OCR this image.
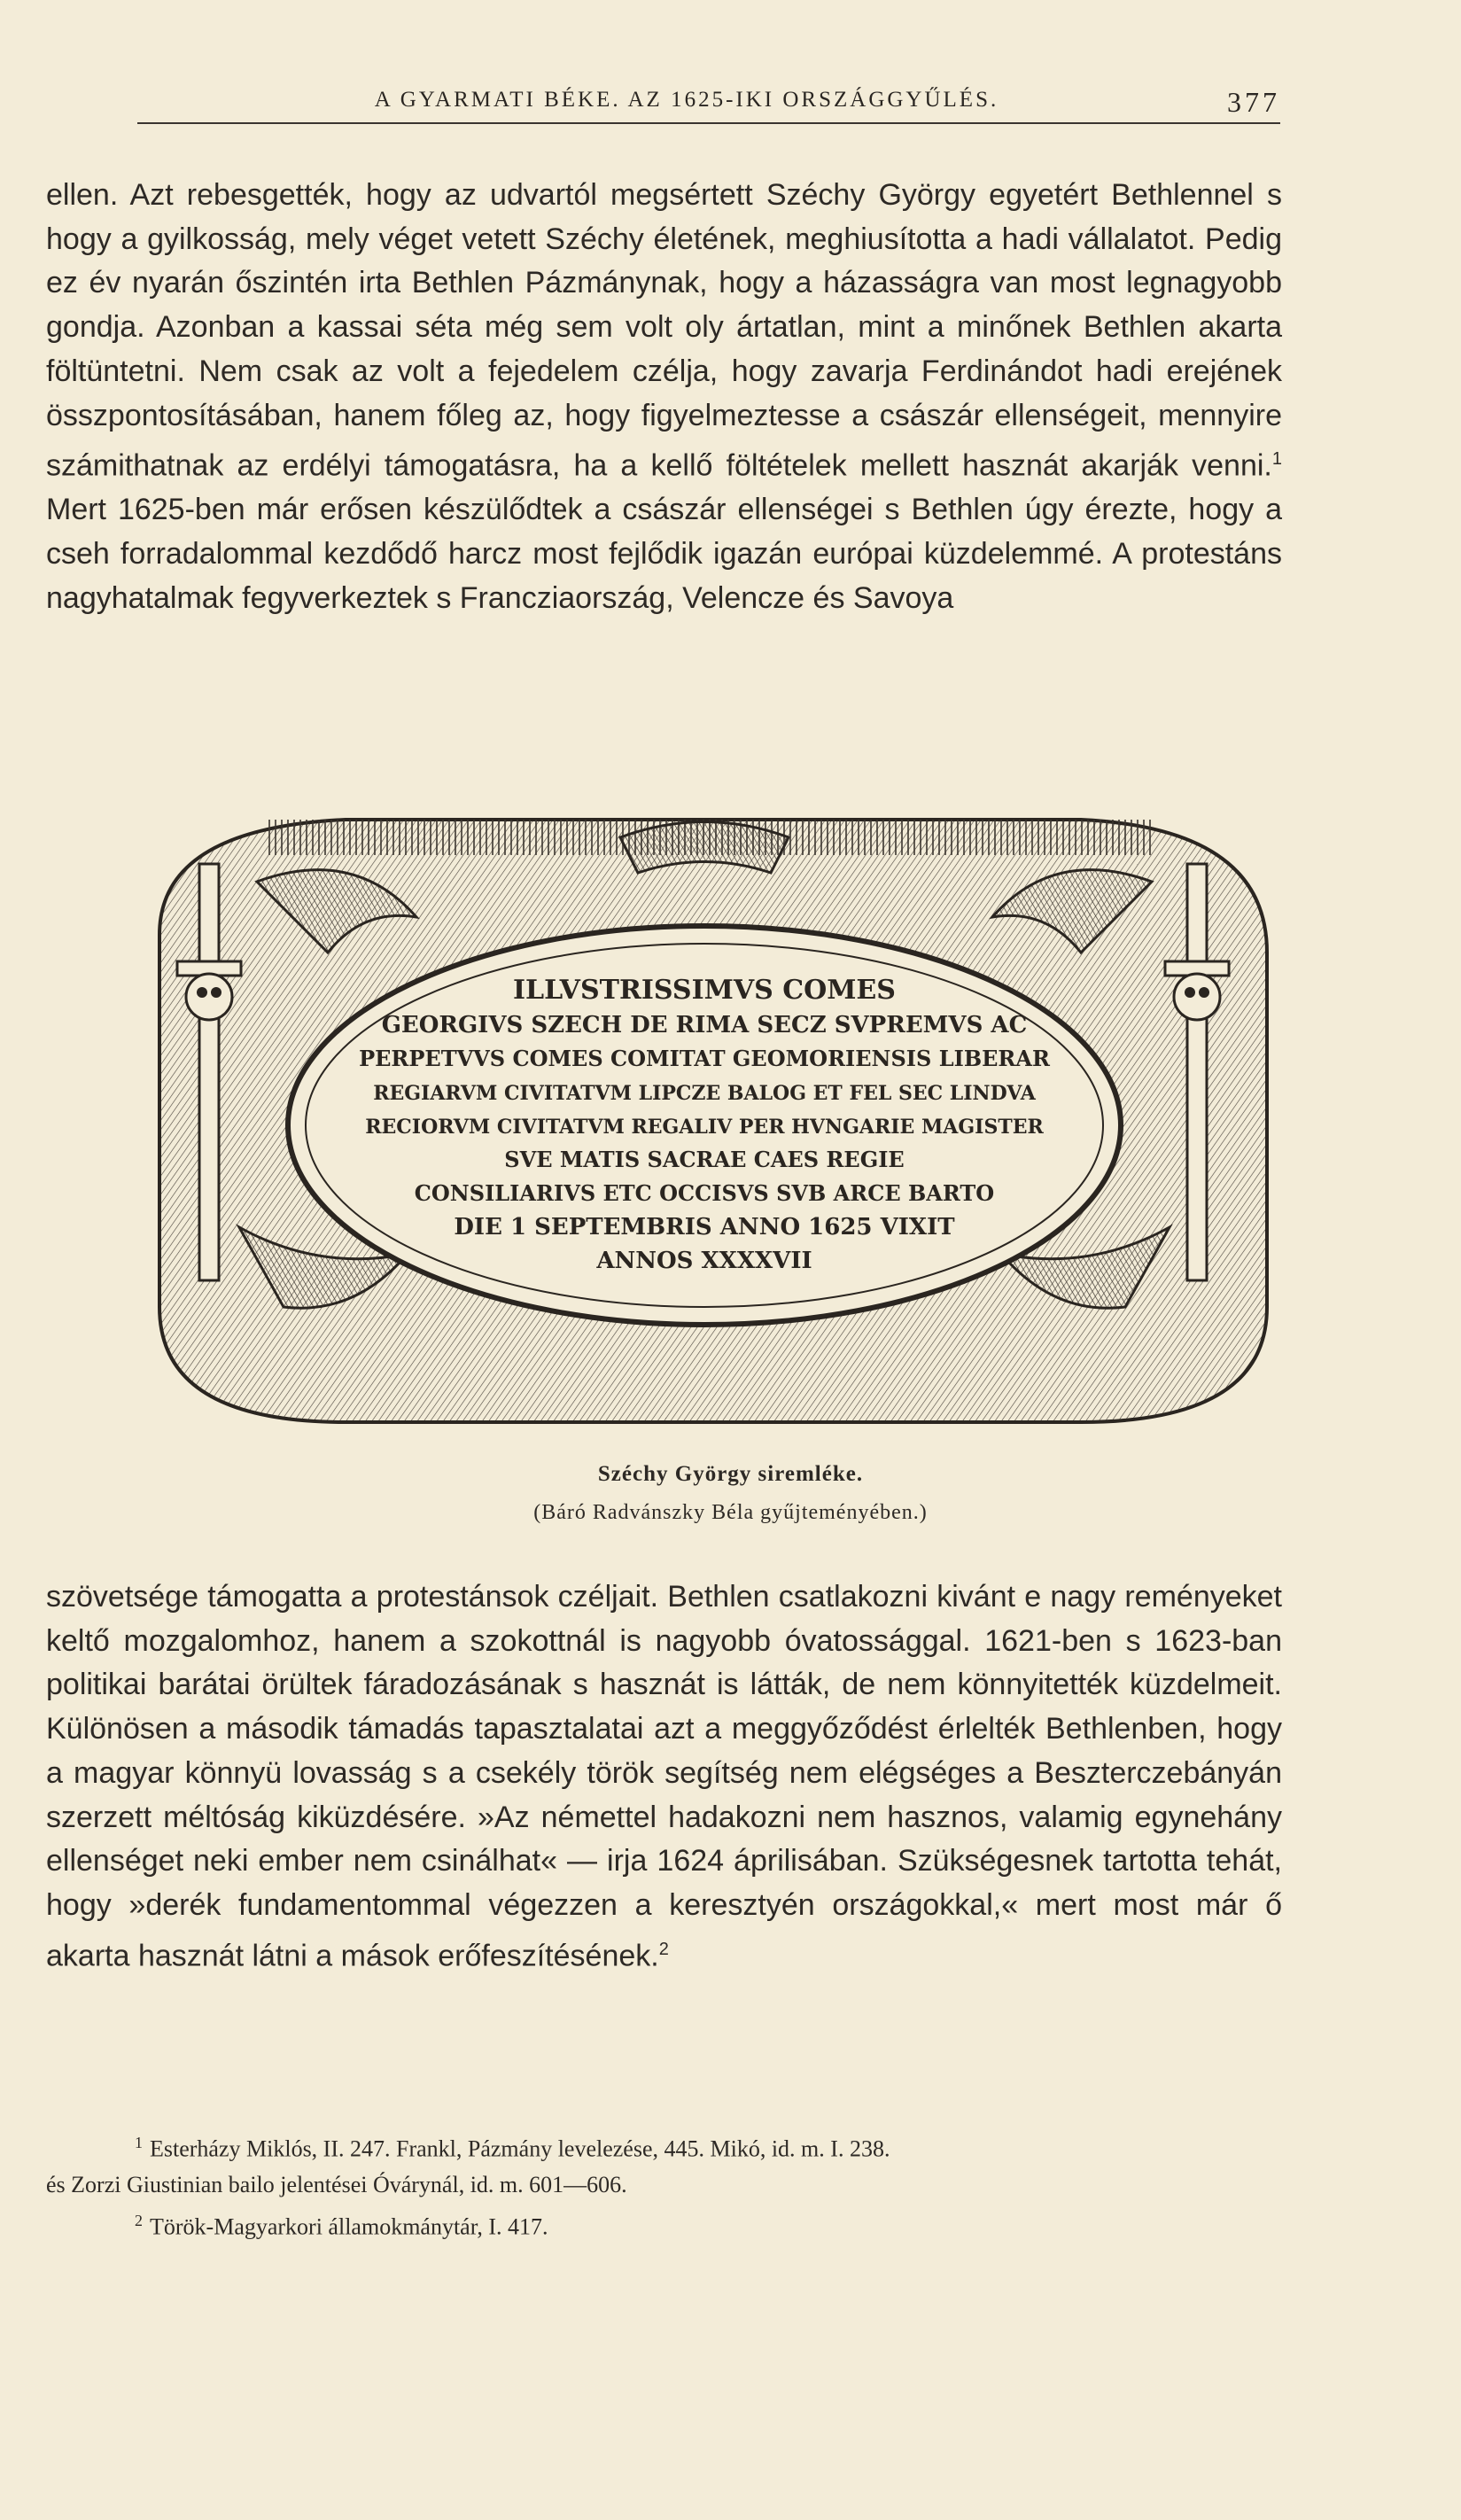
A GYARMATI BÉKE. AZ 1625-IKI ORSZÁGGYŰLÉS.	377

ellen. Azt rebesgették, hogy az udvartól megsértett Széchy György egyetért Bethlennel s hogy a gyilkosság, mely véget vetett Széchy életének, meghiusította a hadi vállalatot. Pedig ez év nyarán őszintén irta Bethlen Pázmánynak, hogy a házasságra van most legnagyobb gondja. Azonban a kassai séta még sem volt oly ártatlan, mint a minőnek Bethlen akarta föltüntetni. Nem csak az volt a fejedelem czélja, hogy zavarja Ferdinándot hadi erejének összpontosításában, hanem főleg az, hogy figyelmeztesse a császár ellenségeit, mennyire számithatnak az erdélyi támogatásra, ha a kellő föltételek mellett hasznát akarják venni.$^1$ Mert 1625-ben már erősen készülődtek a császár ellenségei s Bethlen úgy érezte, hogy a cseh forradalommal kezdődő harcz most fejlődik igazán európai küzdelemmé. A protestáns nagyhatalmak fegyverkeztek s Francziaország, Velencze és Savoya

ILLVSTRISSIMVS COMES
GEORGIVS SZECH DE RIMA SECZ SVPREMVS AC
PERPETVVS COMES COMITAT GEOMORIENSIS LIBERAR
REGIARVM CIVITATVM LIPCZE BALOG ET FEL SEC LINDVA
RECIORVM CIVITATVM REGALIV PER HVNGARIE MAGISTER
SVE MATIS SACRAE CAES REGIE
CONSILIARIVS ETC OCCISVS SVB ARCE BARTO
DIE 1 SEPTEMBRIS ANNO 1625 VIXIT
ANNOS XXXXVII
Széchy György siremléke.
(Báró Radvánszky Béla gyűjteményében.)

szövetsége támogatta a protestánsok czéljait. Bethlen csatlakozni kivánt e nagy reményeket keltő mozgalomhoz, hanem a szokottnál is nagyobb óvatossággal. 1621-ben s 1623-ban politikai barátai örültek fáradozásának s hasznát is látták, de nem könnyitették küzdelmeit. Különösen a második támadás tapasztalatai azt a meggyőződést érlelték Bethlenben, hogy a magyar könnyü lovasság s a csekély török segítség nem elégséges a Beszterczebányán szerzett méltóság kiküzdésére. »Az némettel hadakozni nem hasznos, valamig egynehány ellenséget neki ember nem csinálhat« — irja 1624 áprilisában. Szükségesnek tartotta tehát, hogy »derék fundamentommal végezzen a keresztyén országokkal,« mert most már ő akarta hasznát látni a mások erőfeszítésének.$^2$

$^1$ Esterházy Miklós, II. 247. Frankl, Pázmány levelezése, 445. Mikó, id. m. I. 238.

és Zorzi Giustinian bailo jelentései Óvárynál, id. m. 601—606.

$^2$ Török-Magyarkori államokmánytár, I. 417.
